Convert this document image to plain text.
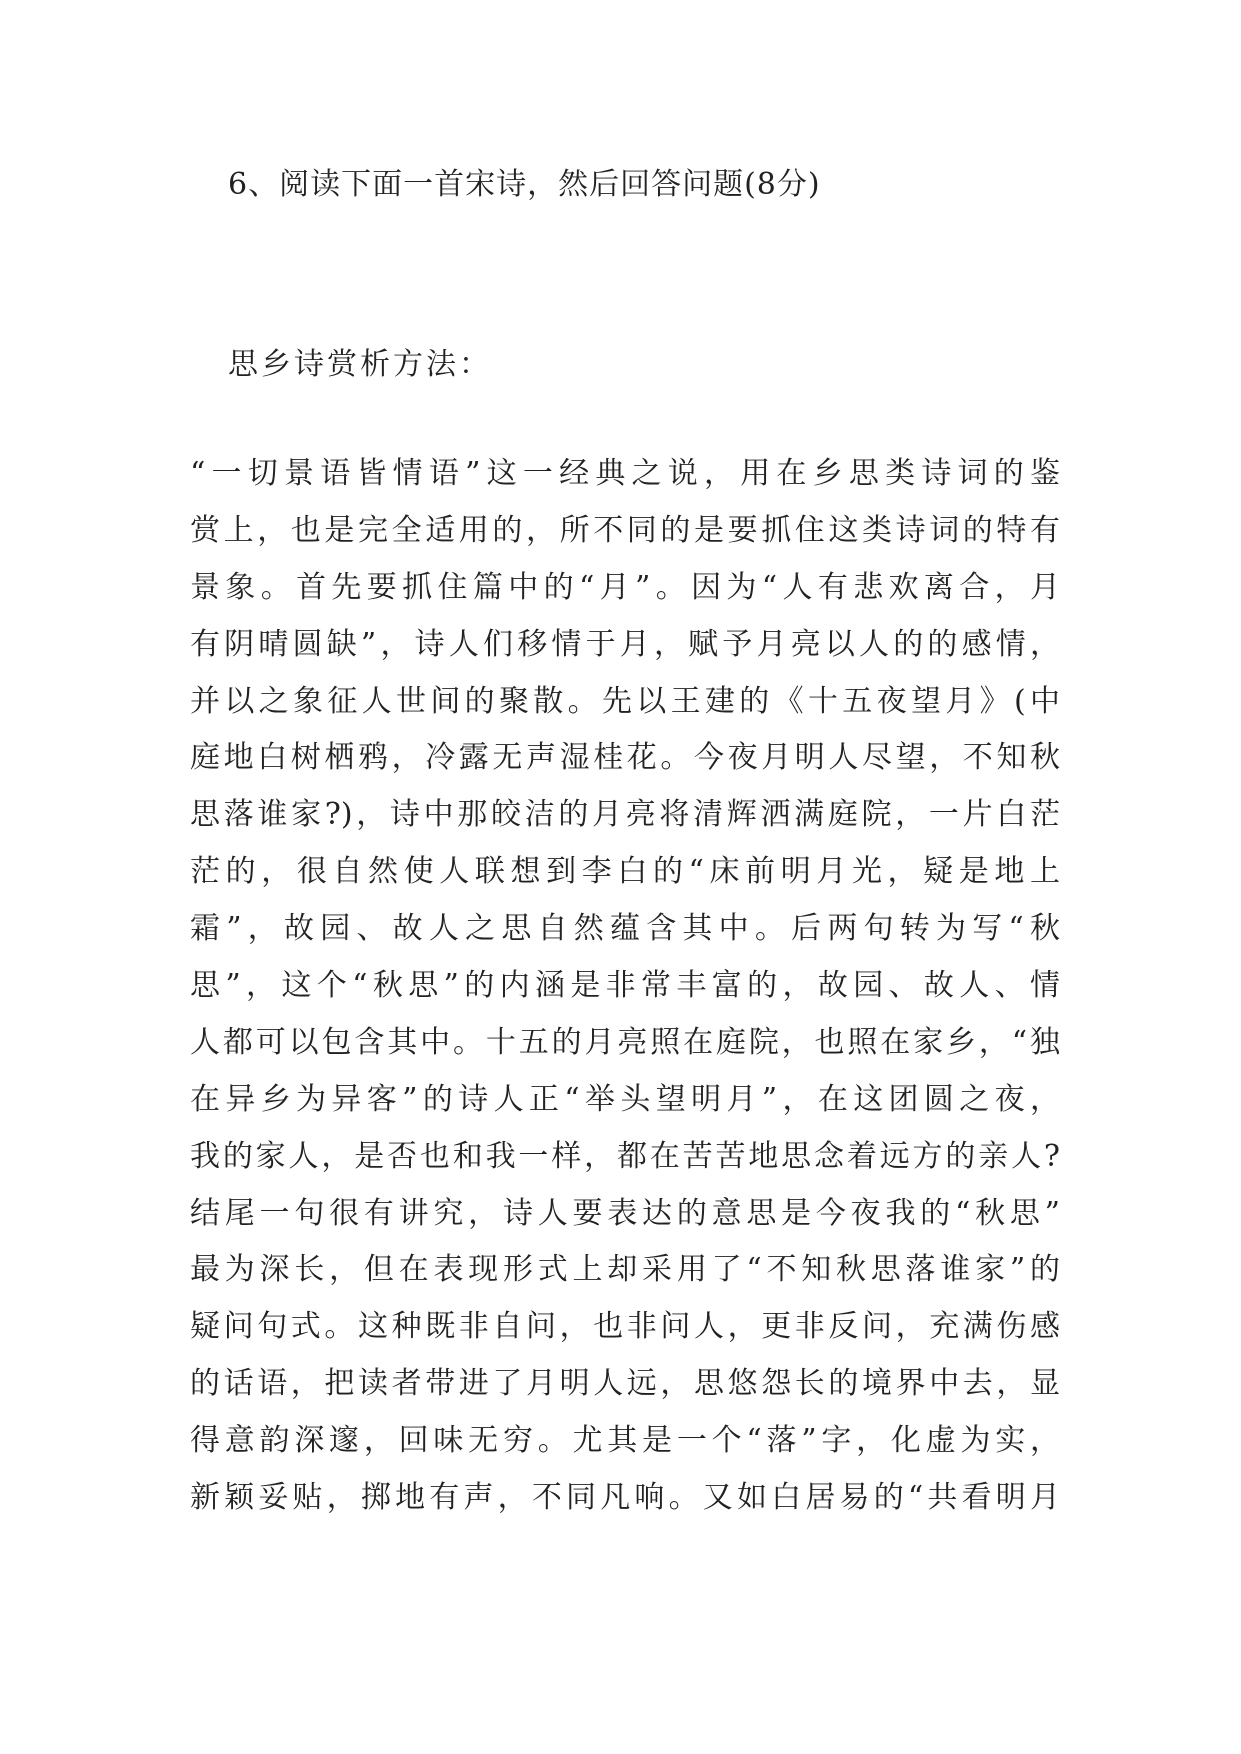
6、阅读下面一首宋诗，然后回答问题(8分)

思乡诗赏析方法：

“一切景语皆情语”这一经典之说，用在乡思类诗词的鉴
赏上，也是完全适用的，所不同的是要抓住这类诗词的特有
景象。首先要抓住篇中的“月”。因为“人有悲欢离合，月
有阴晴圆缺”，诗人们移情于月，赋予月亮以人的的感情，
并以之象征人世间的聚散。先以王建的《十五夜望月》(中
庭地白树栖鸦，冷露无声湿桂花。今夜月明人尽望，不知秋
思落谁家?)，诗中那皎洁的月亮将清辉洒满庭院，一片白茫
茫的，很自然使人联想到李白的“床前明月光，疑是地上
霜”，故园、故人之思自然蕴含其中。后两句转为写“秋
思”，这个“秋思”的内涵是非常丰富的，故园、故人、情
人都可以包含其中。十五的月亮照在庭院，也照在家乡，“独
在异乡为异客”的诗人正“举头望明月”，在这团圆之夜，
我的家人，是否也和我一样，都在苦苦地思念着远方的亲人?
结尾一句很有讲究，诗人要表达的意思是今夜我的“秋思”
最为深长，但在表现形式上却采用了“不知秋思落谁家”的
疑问句式。这种既非自问，也非问人，更非反问，充满伤感
的话语，把读者带进了月明人远，思悠怨长的境界中去，显
得意韵深邃，回味无穷。尤其是一个“落”字，化虚为实，
新颖妥贴，掷地有声，不同凡响。又如白居易的“共看明月
